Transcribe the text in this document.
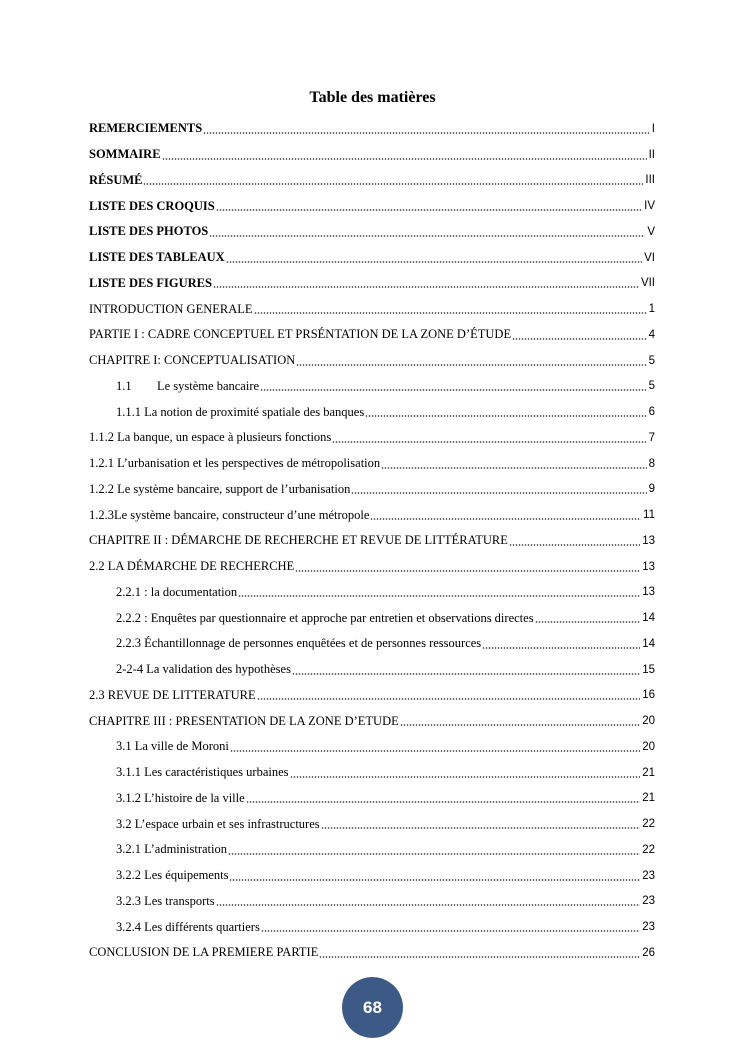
Table des matières
REMERCIEMENTS	I
SOMMAIRE	II
RÉSUMÉ	III
LISTE DES CROQUIS	IV
LISTE DES PHOTOS	V
LISTE DES TABLEAUX	VI
LISTE DES FIGURES	VII
INTRODUCTION GENERALE	1
PARTIE I : CADRE CONCEPTUEL ET PRSÉNTATION DE LA ZONE D’ÉTUDE	4
CHAPITRE I: CONCEPTUALISATION	5
1.1 Le système bancaire	5
1.1.1 La notion de proximité spatiale des banques	6
1.1.2 La banque, un espace à plusieurs fonctions	7
1.2.1 L’urbanisation et les perspectives de métropolisation	8
1.2.2 Le système bancaire, support de l’urbanisation	9
1.2.3Le système bancaire, constructeur d’une métropole	11
CHAPITRE II : DÉMARCHE DE RECHERCHE ET REVUE DE LITTÉRATURE	13
2.2 LA DÉMARCHE DE RECHERCHE	13
2.2.1 : la documentation	13
2.2.2 : Enquêtes par questionnaire et approche par entretien et observations directes	14
2.2.3 Échantillonnage de personnes enquêtées et de personnes ressources	14
2-2-4 La validation des hypothèses	15
2.3 REVUE DE LITTERATURE	16
CHAPITRE III : PRESENTATION DE LA ZONE D’ETUDE	20
3.1 La ville de Moroni	20
3.1.1 Les caractéristiques urbaines	21
3.1.2 L’histoire de la ville	21
3.2 L’espace urbain et ses infrastructures	22
3.2.1 L’administration	22
3.2.2 Les équipements	23
3.2.3 Les transports	23
3.2.4 Les différents quartiers	23
CONCLUSION DE LA PREMIERE PARTIE	26
68
